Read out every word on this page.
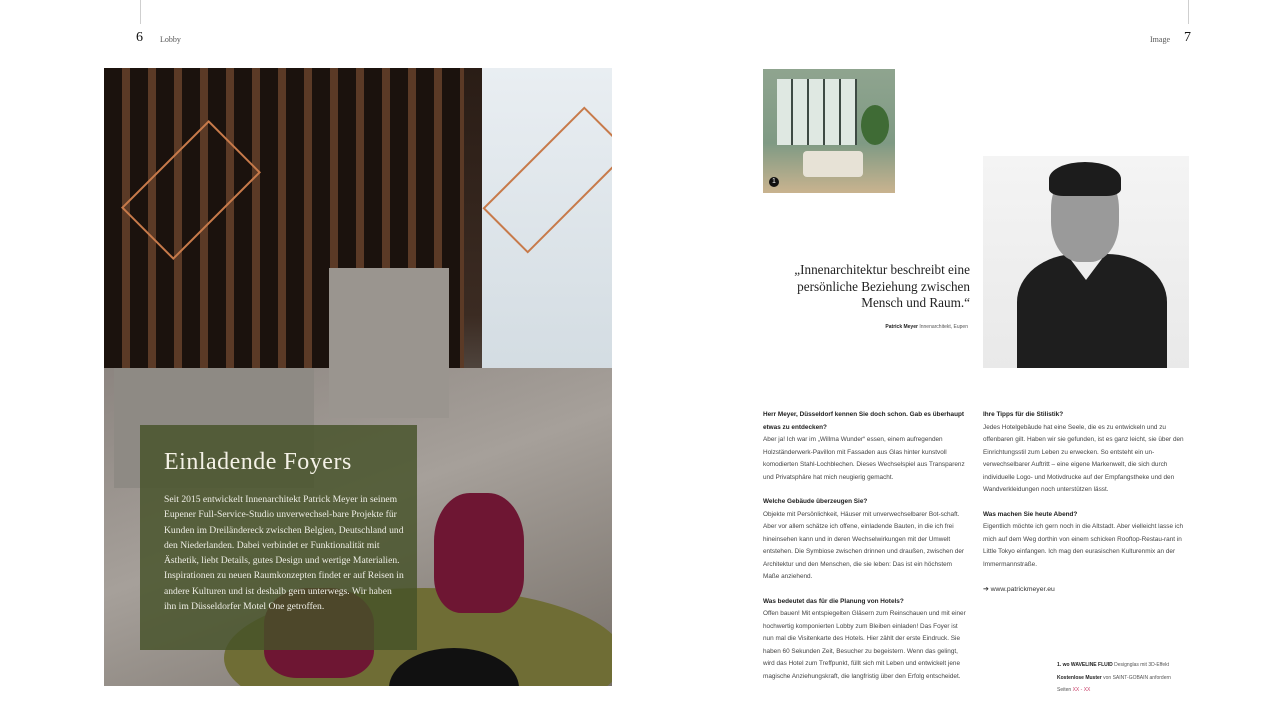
6 Lobby
Einladende Foyers
Seit 2015 entwickelt Innenarchitekt Patrick Meyer in seinem Eupener Full-Service-Studio unverwechsel-bare Projekte für Kunden im Dreiländereck zwischen Belgien, Deutschland und den Niederlanden. Dabei verbindet er Funktionalität mit Ästhetik, liebt Details, gutes Design und wertige Materialien. Inspirationen zu neuen Raumkonzepten findet er auf Reisen in andere Kulturen und ist deshalb gern unterwegs. Wir haben ihn im Düsseldorfer Motel One getroffen.
Image 7
1
„Innenarchitektur beschreibt eine persönliche Beziehung zwischen Mensch und Raum.“
Patrick Meyer Innenarchitekt, Eupen
Herr Meyer, Düsseldorf kennen Sie doch schon. Gab es überhaupt etwas zu entdecken?
Aber ja! Ich war im „Willma Wunder“ essen, einem aufregenden Holzständerwerk-Pavillon mit Fassaden aus Glas hinter kunstvoll komodierten Stahl-Lochblechen. Dieses Wechselspiel aus Transparenz und Privatsphäre hat mich neugierig gemacht.
Welche Gebäude überzeugen Sie?
Objekte mit Persönlichkeit, Häuser mit unverwechselbarer Bot-schaft. Aber vor allem schätze ich offene, einladende Bauten, in die ich frei hineinsehen kann und in deren Wechselwirkungen mit der Umwelt entstehen. Die Symbiose zwischen drinnen und draußen, zwischen der Architektur und den Menschen, die sie leben: Das ist ein höchstem Maße anziehend.
Was bedeutet das für die Planung von Hotels?
Offen bauen! Mit entspiegelten Gläsern zum Reinschauen und mit einer hochwertig komponierten Lobby zum Bleiben einladen! Das Foyer ist nun mal die Visitenkarte des Hotels. Hier zählt der erste Eindruck. Sie haben 60 Sekunden Zeit, Besucher zu begeistern. Wenn das gelingt, wird das Hotel zum Treffpunkt, füllt sich mit Leben und entwickelt jene magische Anziehungskraft, die langfristig über den Erfolg entscheidet.
Ihre Tipps für die Stilistik?
Jedes Hotelgebäude hat eine Seele, die es zu entwickeln und zu offenbaren gilt. Haben wir sie gefunden, ist es ganz leicht, sie über den Einrichtungsstil zum Leben zu erwecken. So entsteht ein un-verwechselbarer Auftritt – eine eigene Markenwelt, die sich durch individuelle Logo- und Motivdrucke auf der Empfangstheke und den Wandverkleidungen noch unterstützen lässt.
Was machen Sie heute Abend?
Eigentlich möchte ich gern noch in die Altstadt. Aber vielleicht lasse ich mich auf dem Weg dorthin von einem schicken Rooftop-Restau-rant in Little Tokyo einfangen. Ich mag den eurasischen Kulturenmix an der Immermannstraße.
➔ www.patrickmeyer.eu
1. wo WAVELINE FLUID Designglas mit 3D-Effekt
Kostenlose Muster von SAINT-GOBAIN anfordern
Seiten XX - XX
